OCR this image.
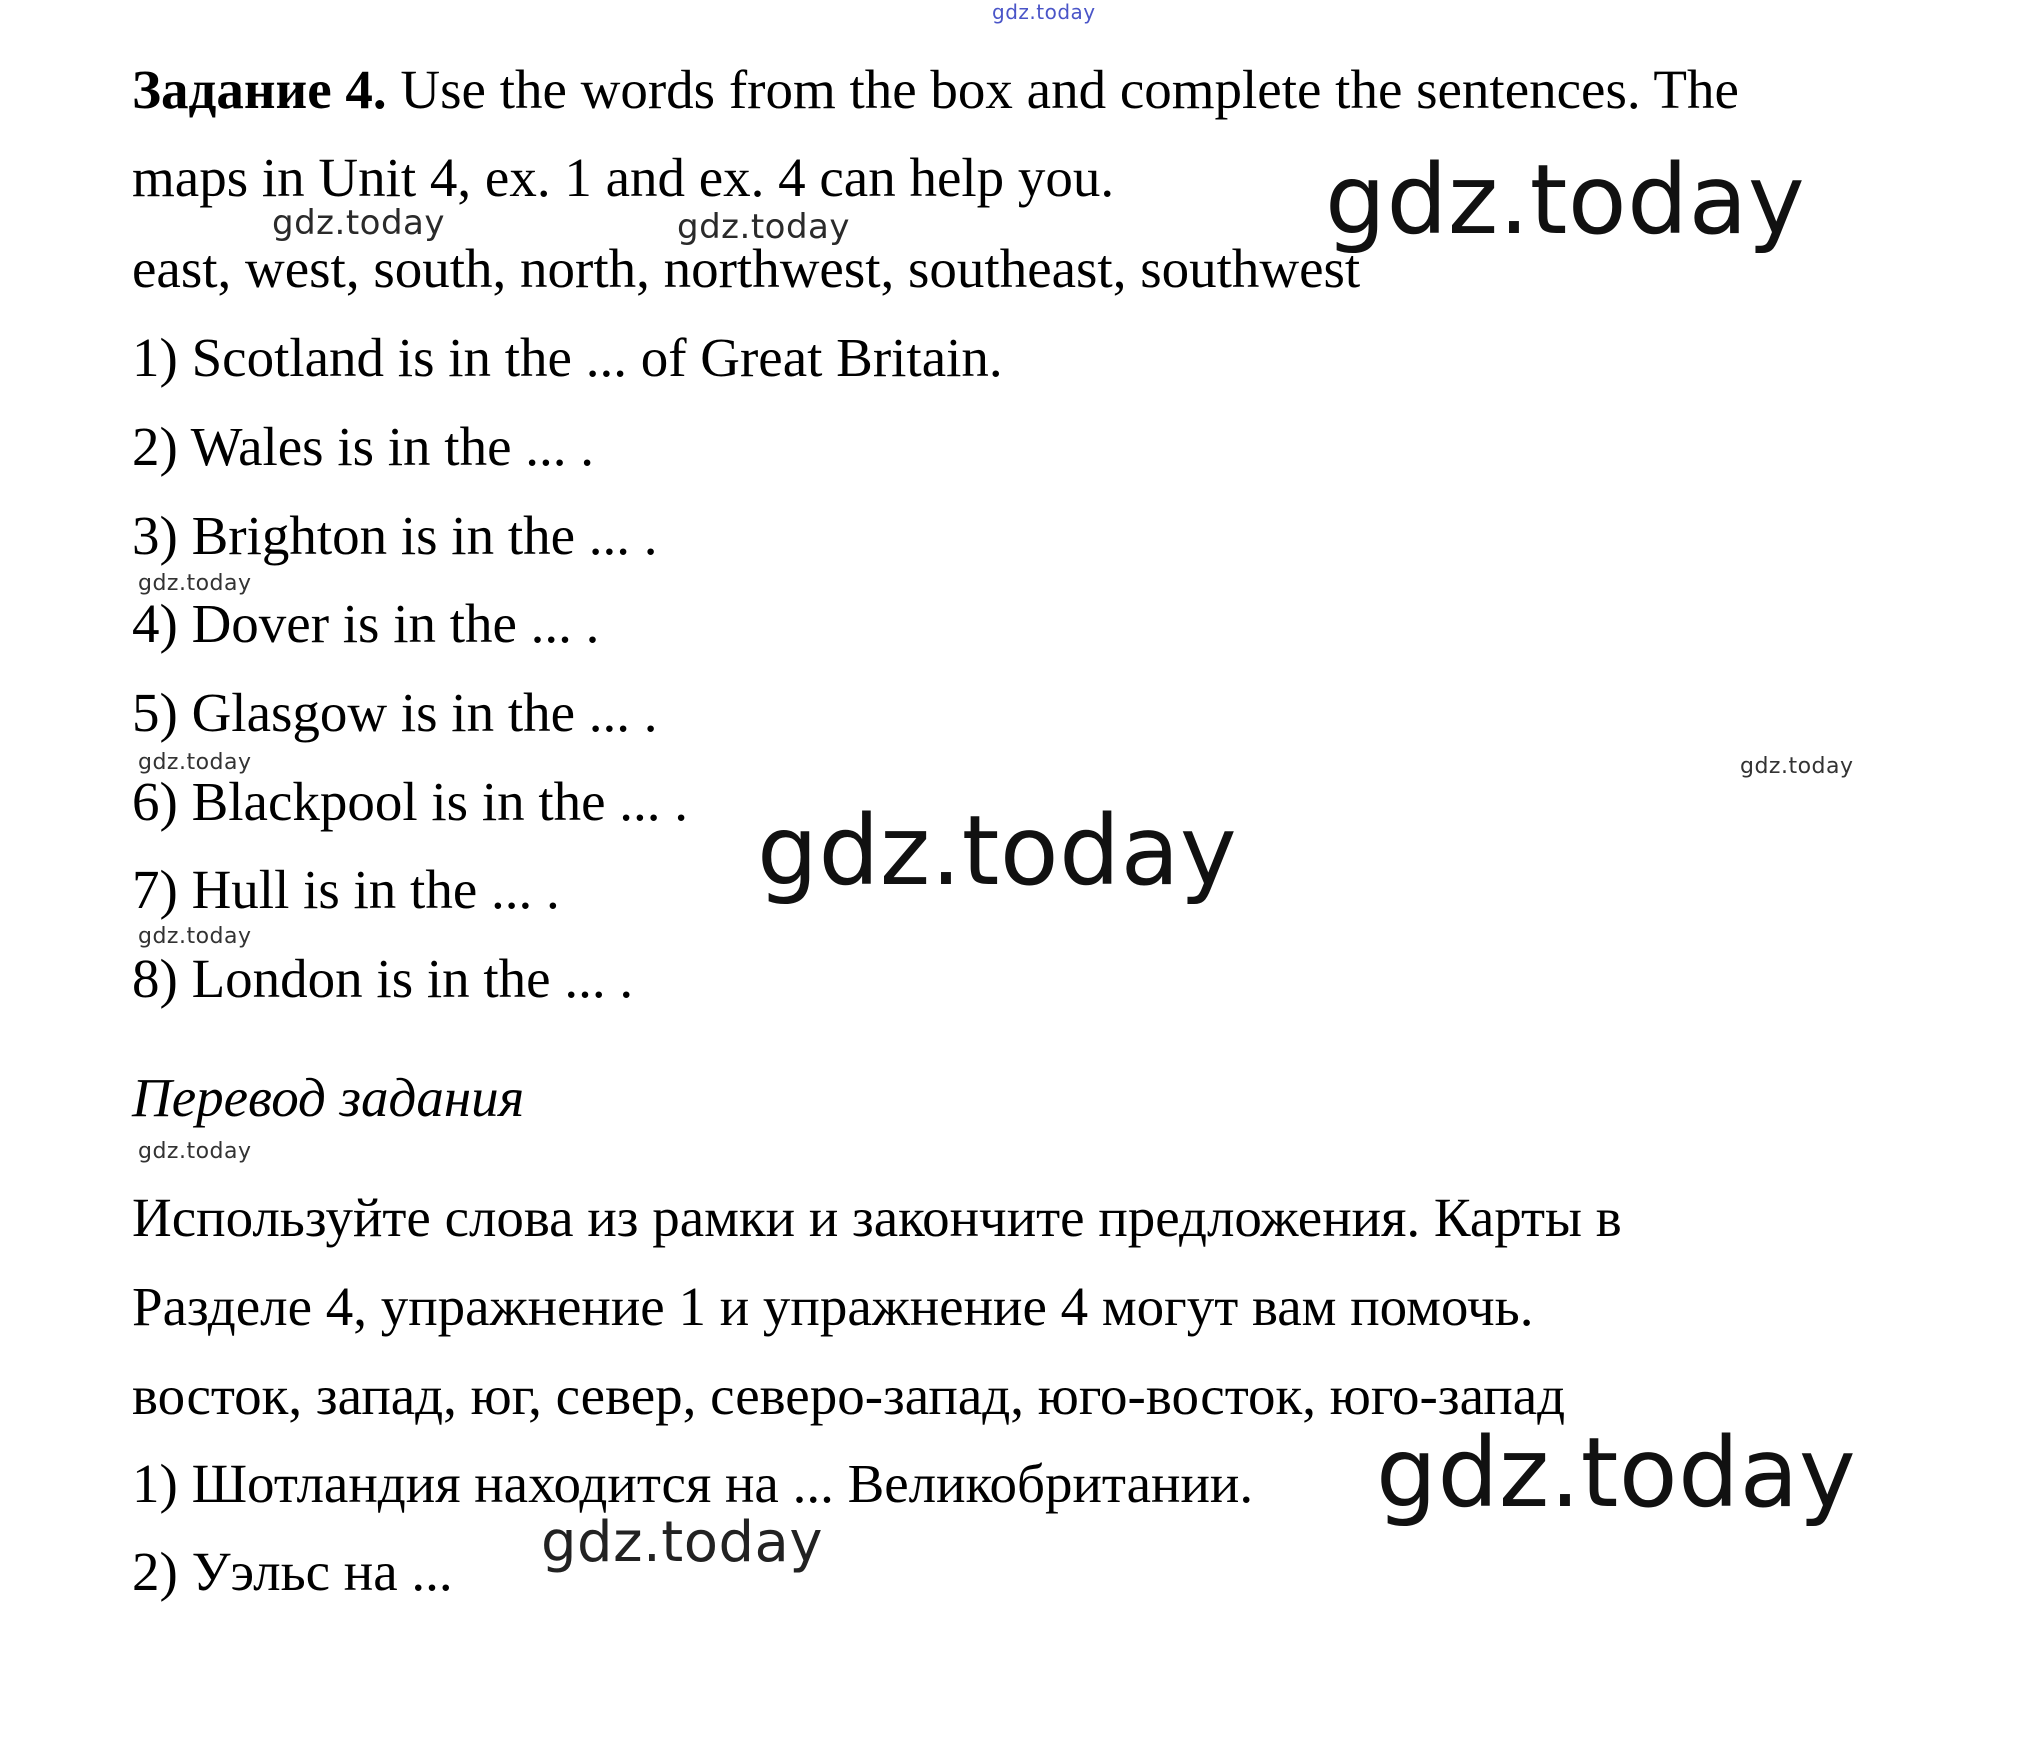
gdz.today

Задание 4. Use the words from the box and complete the sentences. The

maps in Unit 4, ex. 1 and ex. 4 can help you.

east, west, south, north, northwest, southeast, southwest

1) Scotland is in the ... of Great Britain.

2) Wales is in the ... .

3) Brighton is in the ... .

4) Dover is in the ... .

5) Glasgow is in the ... .

6) Blackpool is in the ... .

7) Hull is in the ... .

8) London is in the ... .

Перевод задания

Используйте слова из рамки и закончите предложения. Карты в

Разделе 4, упражнение 1 и упражнение 4 могут вам помочь.

восток, запад, юг, север, северо-запад, юго-восток, юго-запад

1) Шотландия находится на ... Великобритании.

2) Уэльс на ...

gdz.today
gdz.today	gdz.today
gdz.today
gdz.today	gdz.today
gdz.today
gdz.today
gdz.today
gdz.today
gdz.today
